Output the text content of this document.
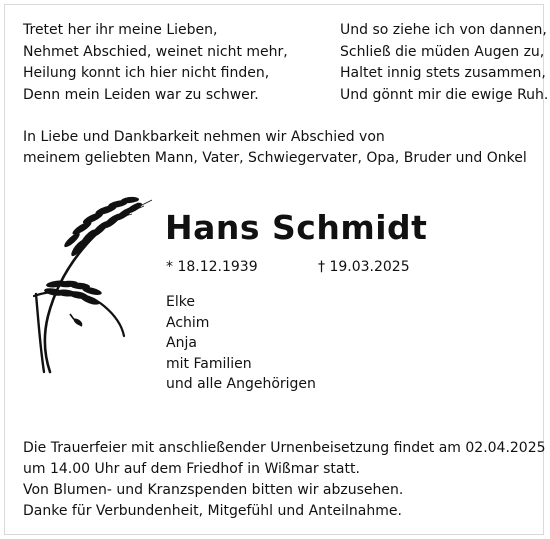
Tretet her ihr meine Lieben,
Nehmet Abschied, weinet nicht mehr,
Heilung konnt ich hier nicht finden,
Denn mein Leiden war zu schwer.
Und so ziehe ich von dannen,
Schließ die müden Augen zu,
Haltet innig stets zusammen,
Und gönnt mir die ewige Ruh.
In Liebe und Dankbarkeit nehmen wir Abschied von
meinem geliebten Mann, Vater, Schwiegervater, Opa, Bruder und Onkel
Hans Schmidt
* 18.12.1939	† 19.03.2025
Elke
Achim
Anja
mit Familien
und alle Angehörigen
Die Trauerfeier mit anschließender Urnenbeisetzung findet am 02.04.2025
um 14.00 Uhr auf dem Friedhof in Wißmar statt.
Von Blumen- und Kranzspenden bitten wir abzusehen.
Danke für Verbundenheit, Mitgefühl und Anteilnahme.
